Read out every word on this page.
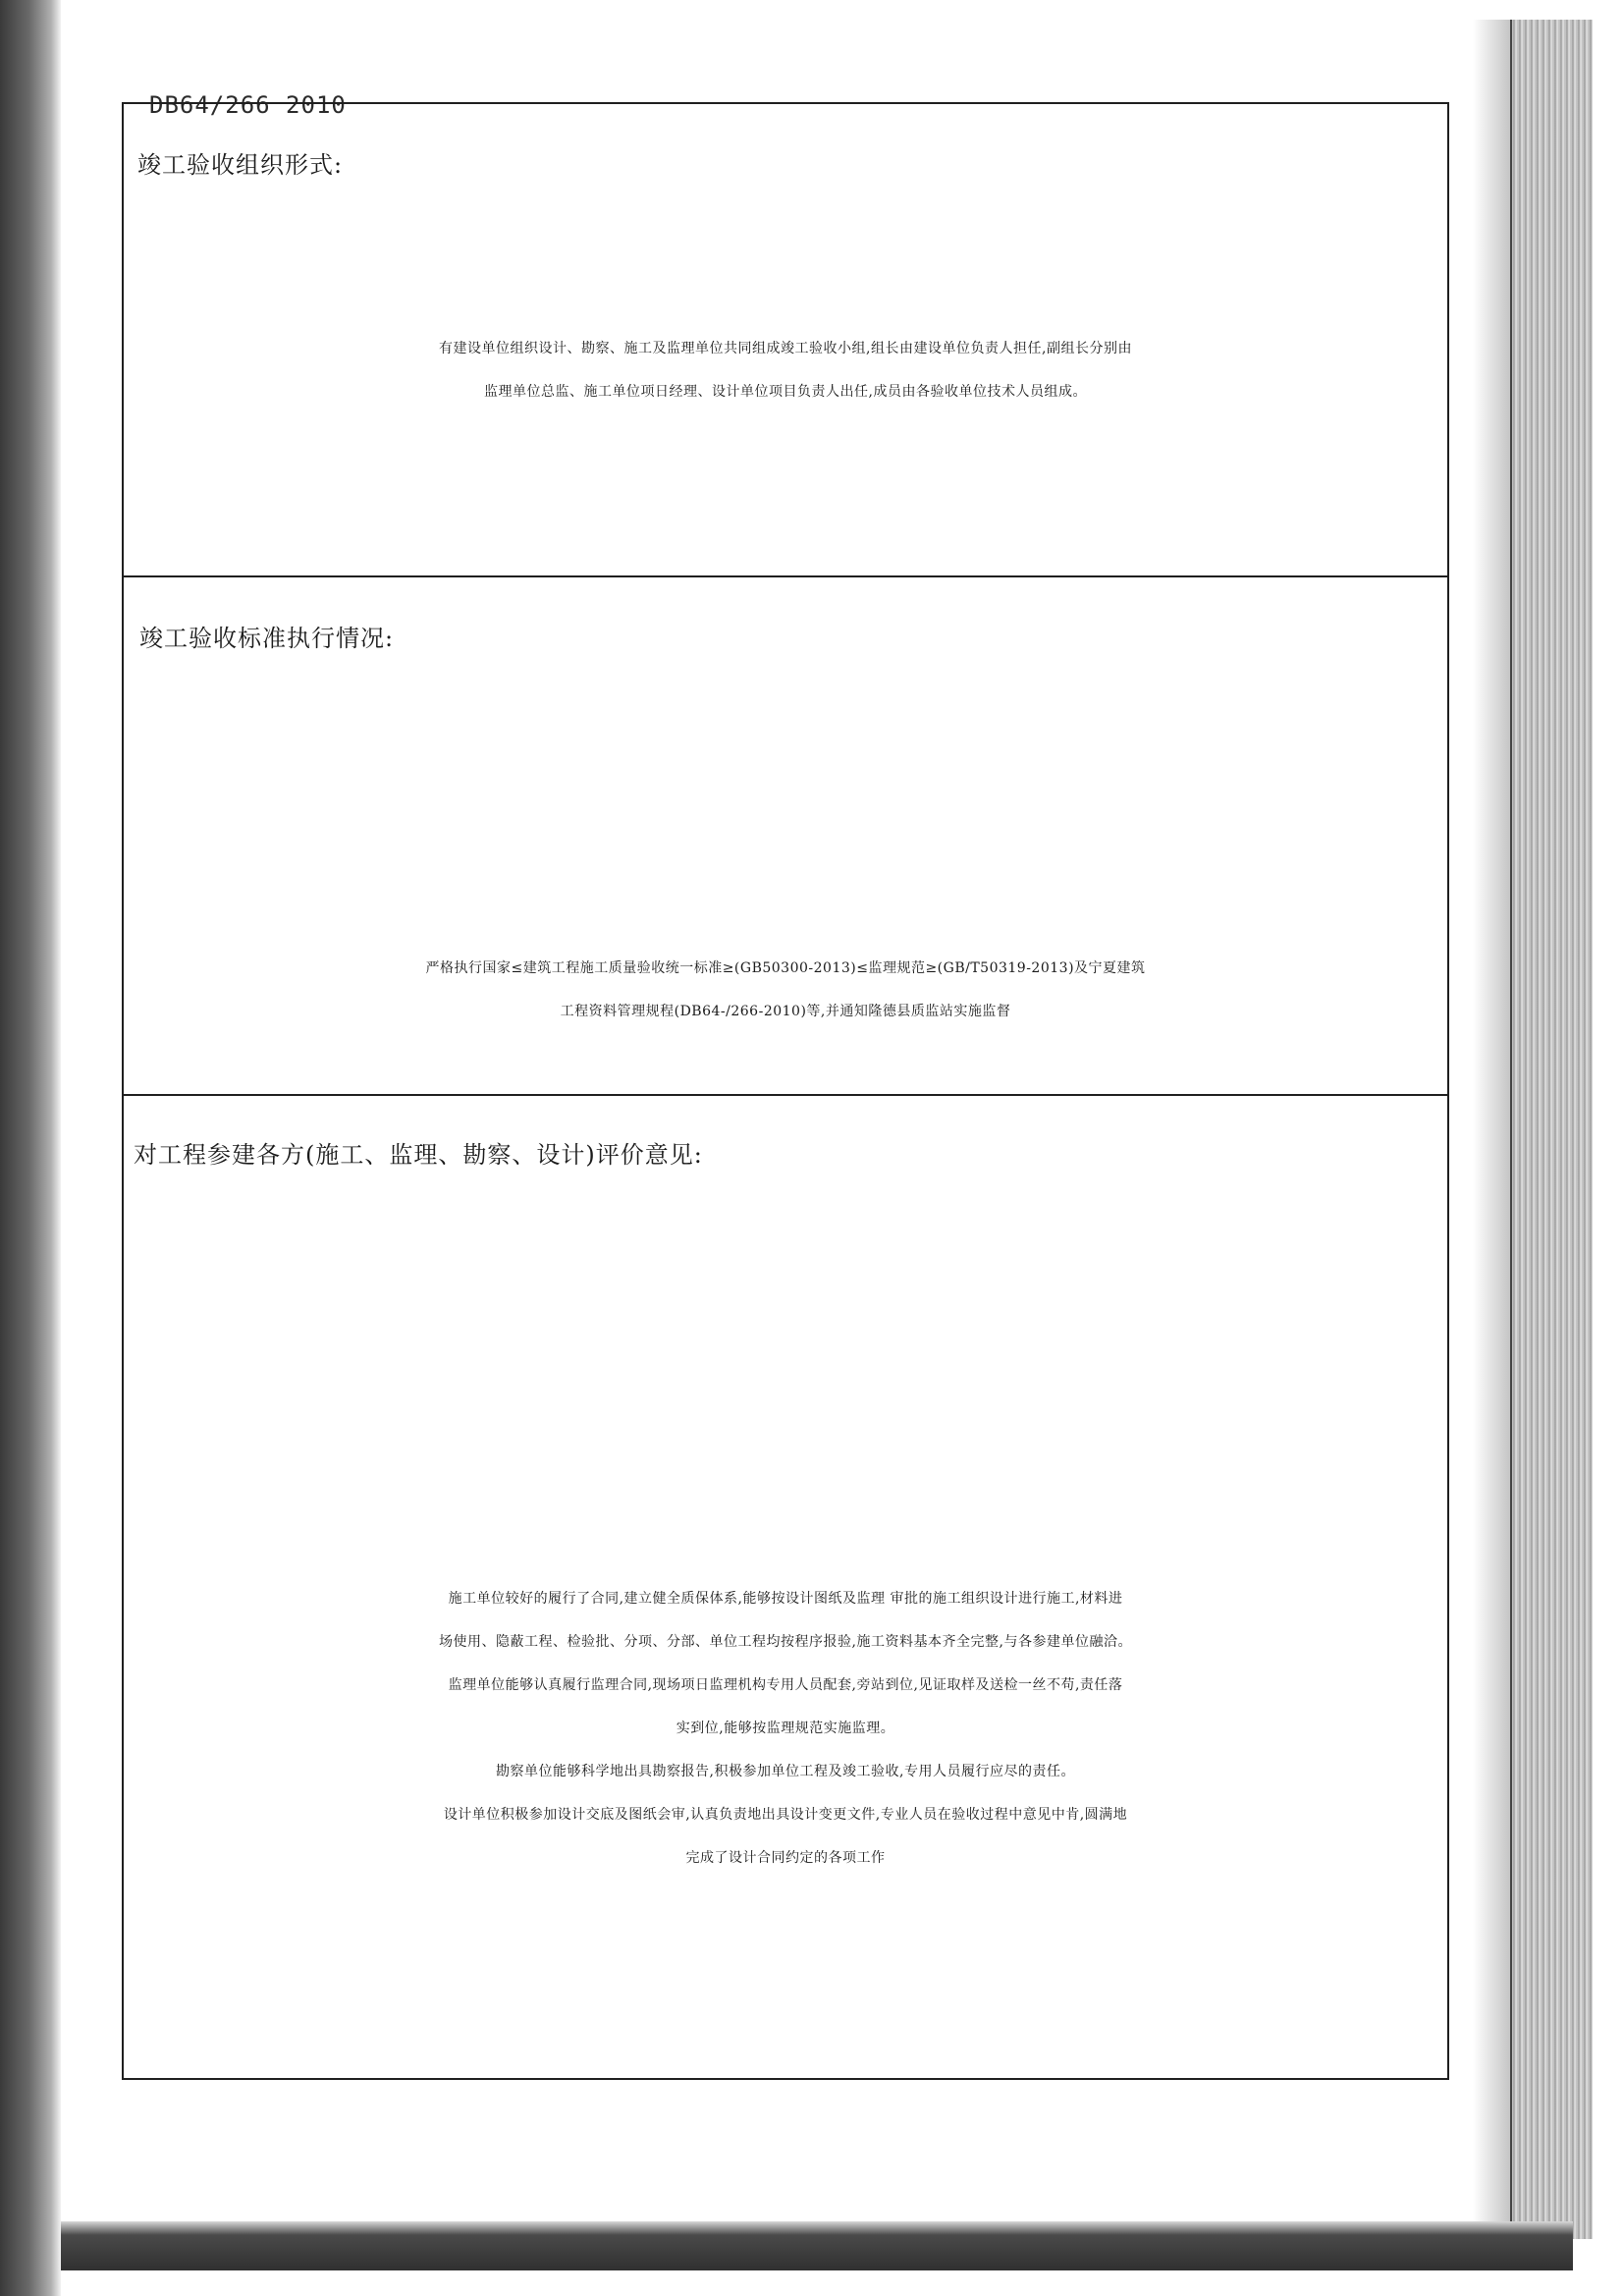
DB64/266 2010
竣工验收组织形式:
有建设单位组织设计、勘察、施工及监理单位共同组成竣工验收小组,组长由建设单位负责人担任,副组长分别由
监理单位总监、施工单位项日经理、设计单位项目负责人出任,成员由各验收单位技术人员组成。
竣工验收标准执行情况:
严格执行国家≤建筑工程施工质量验收统一标准≥(GB50300-2013)≤监理规范≥(GB/T50319-2013)及宁夏建筑
工程资料管理规程(DB64-/266-2010)等,并通知隆德县质监站实施监督
对工程参建各方(施工、监理、勘察、设计)评价意见:
施工单位较好的履行了合同,建立健全质保体系,能够按设计图纸及监理 审批的施工组织设计进行施工,材料进
场使用、隐蔽工程、检验批、分项、分部、单位工程均按程序报验,施工资料基本齐全完整,与各参建单位融洽。
监理单位能够认真履行监理合同,现场项日监理机构专用人员配套,旁站到位,见证取样及送检一丝不苟,责任落
实到位,能够按监理规范实施监理。
勘察单位能够科学地出具勘察报告,积极参加单位工程及竣工验收,专用人员履行应尽的责任。
设计单位积极参加设计交底及图纸会审,认真负责地出具设计变更文件,专业人员在验收过程中意见中肯,圆满地
完成了设计合同约定的各项工作
